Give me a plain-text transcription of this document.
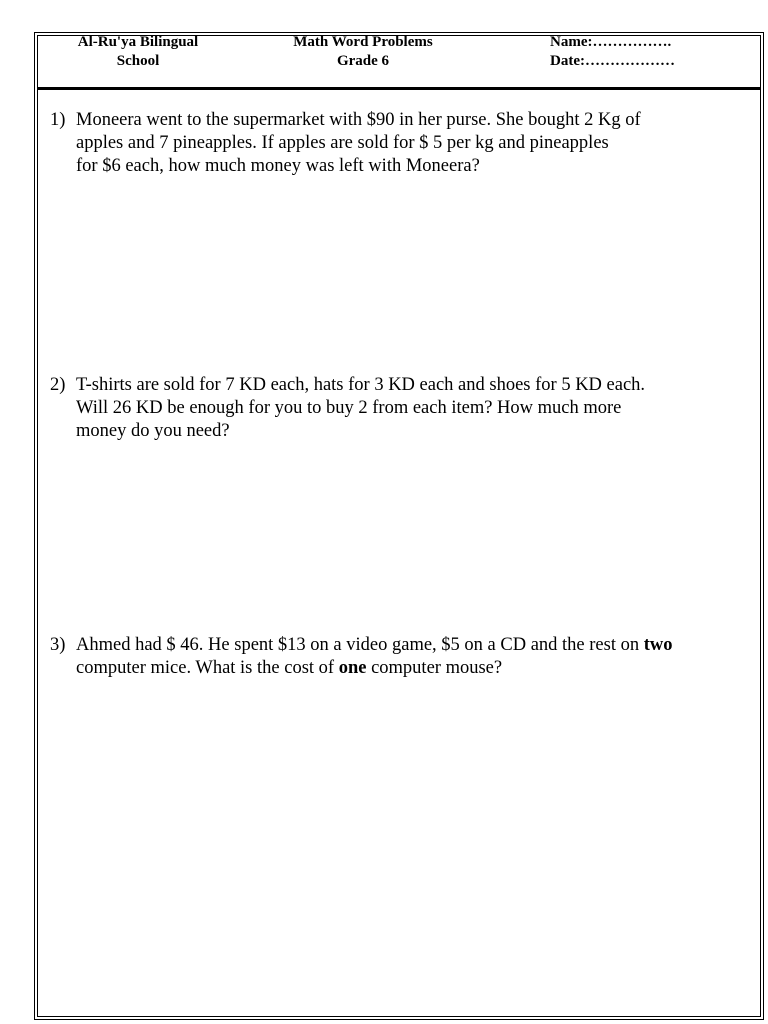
Al-Ru'ya Bilingual
School
Math Word Problems
Grade 6
Name:…………….
Date:………………
1) Moneera went to the supermarket with $90 in her purse. She bought 2 Kg of
apples and 7 pineapples. If apples are sold for $ 5 per kg and pineapples
for $6 each, how much money was left with Moneera?
2) T-shirts are sold for 7 KD each, hats for 3 KD each and shoes for 5 KD each.
Will 26 KD be enough for you to buy 2 from each item? How much more
money do you need?
3) Ahmed had $ 46. He spent $13 on a video game, $5 on a CD and the rest on two
computer mice. What is the cost of one computer mouse?
